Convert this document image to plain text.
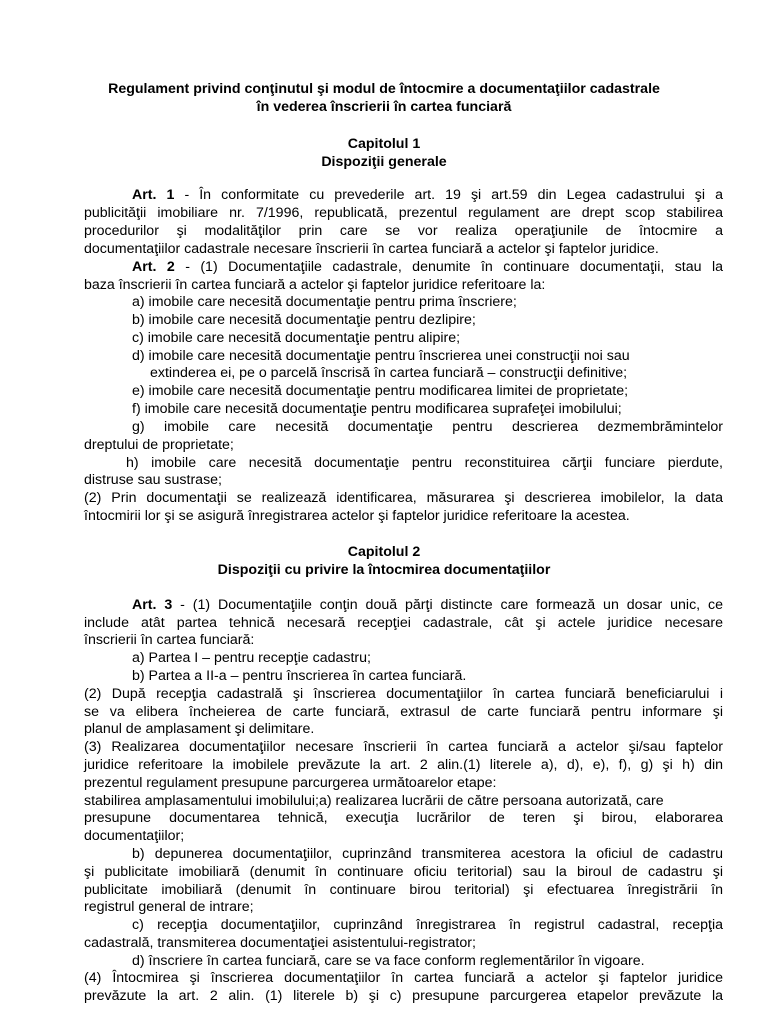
Regulament privind conţinutul şi modul de întocmire a documentaţiilor cadastrale
în vederea înscrierii în cartea funciară
Capitolul 1
Dispoziţii generale
Art. 1 - În conformitate cu prevederile art. 19 şi art.59 din Legea cadastrului şi a
publicităţii imobiliare nr. 7/1996, republicată, prezentul regulament are drept scop stabilirea
procedurilor şi modalităţilor prin care se vor realiza operaţiunile de întocmire a
documentaţiilor cadastrale necesare înscrierii în cartea funciară a actelor şi faptelor juridice.
Art. 2 - (1) Documentaţiile cadastrale, denumite în continuare documentaţii, stau la
baza înscrierii în cartea funciară a actelor şi faptelor juridice referitoare la:
a) imobile care necesită documentaţie pentru prima înscriere;
b) imobile care necesită documentaţie pentru dezlipire;
c) imobile care necesită documentaţie pentru alipire;
d) imobile care necesită documentaţie pentru înscrierea unei construcţii noi sau
extinderea ei, pe o parcelă înscrisă în cartea funciară – construcţii definitive;
e) imobile care necesită documentaţie pentru modificarea limitei de proprietate;
f) imobile care necesită documentaţie pentru modificarea suprafeţei imobilului;
g) imobile care necesită documentaţie pentru descrierea dezmembrămintelor
dreptului de proprietate;
h) imobile care necesită documentaţie pentru reconstituirea cărţii funciare pierdute,
distruse sau sustrase;
(2) Prin documentaţii se realizează identificarea, măsurarea şi descrierea imobilelor, la data
întocmirii lor şi se asigură înregistrarea actelor şi faptelor juridice referitoare la acestea.
Capitolul 2
Dispoziţii cu privire la întocmirea documentaţiilor
Art. 3 - (1) Documentaţiile conţin două părţi distincte care formează un dosar unic, ce
include atât partea tehnică necesară recepţiei cadastrale, cât şi actele juridice necesare
înscrierii în cartea funciară:
a) Partea I – pentru recepţie cadastru;
b) Partea a II-a – pentru înscrierea în cartea funciară.
(2) După recepţia cadastrală şi înscrierea documentaţiilor în cartea funciară beneficiarului i
se va elibera încheierea de carte funciară, extrasul de carte funciară pentru informare şi
planul de amplasament şi delimitare.
(3) Realizarea documentaţiilor necesare înscrierii în cartea funciară a actelor şi/sau faptelor
juridice referitoare la imobilele prevăzute la art. 2 alin.(1) literele a), d), e), f), g) şi h) din
prezentul regulament presupune parcurgerea următoarelor etape:
stabilirea amplasamentului imobilului;a) realizarea lucrării de către persoana autorizată, care
presupune documentarea tehnică, execuţia lucrărilor de teren şi birou, elaborarea
documentaţiilor;
b) depunerea documentaţiilor, cuprinzând transmiterea acestora la oficiul de cadastru
şi publicitate imobiliară (denumit în continuare oficiu teritorial) sau la biroul de cadastru şi
publicitate imobiliară (denumit în continuare birou teritorial) şi efectuarea înregistrării în
registrul general de intrare;
c) recepţia documentaţiilor, cuprinzând înregistrarea în registrul cadastral, recepţia
cadastrală, transmiterea documentaţiei asistentului-registrator;
d) înscriere în cartea funciară, care se va face conform reglementărilor în vigoare.
(4) Întocmirea şi înscrierea documentaţiilor în cartea funciară a actelor şi faptelor juridice
prevăzute la art. 2 alin. (1) literele b) şi c) presupune parcurgerea etapelor prevăzute la
